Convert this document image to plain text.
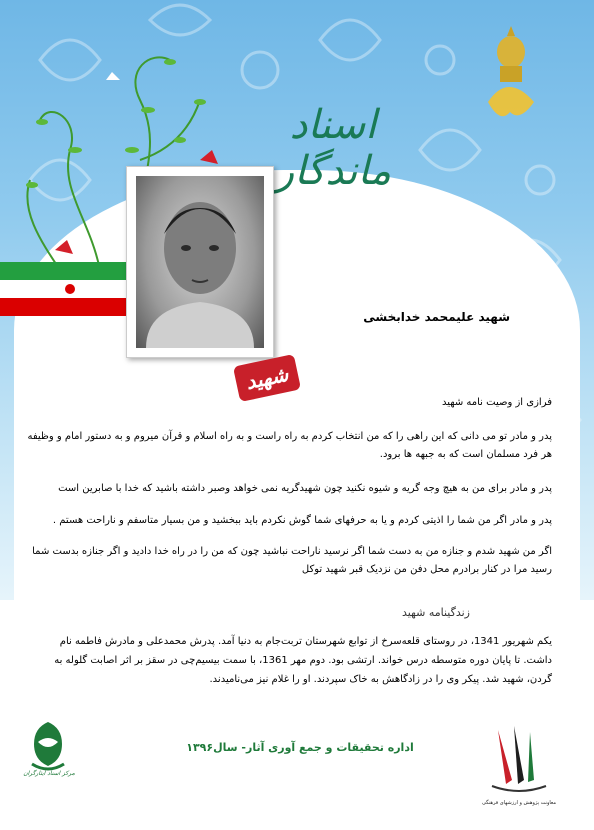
اسناد ماندگار
شهید
شهید علیمحمد خدابخشی
فرازی از وصیت نامه شهید
پدر و مادر تو می دانی که این راهی را که من انتخاب کردم به راه راست و به راه اسلام و قرآن میروم و به دستور امام و وظیفه هر فرد مسلمان است که به جبهه ها برود.
پدر و مادر برای من به هیچ وجه گریه و شیوه نکنید چون شهیدگریه نمی خواهد وصبر داشته باشید که خدا با صابرین است
پدر و مادر اگر من شما را اذیتی کردم و یا به حرفهای شما گوش نکردم باید ببخشید و من بسیار متاسفم و ناراحت هستم .
اگر من شهید شدم و جنازه من به دست شما اگر نرسید ناراحت نباشید چون که من را در راه خدا دادید و اگر جنازه بدست شما رسید مرا در کنار برادرم محل دفن من نزدیک قبر شهید توکل
زندگینامه شهید
یکم شهریور 1341، در روستای قلعه‌سرخ از توابع شهرستان تربت‌جام به دنیا آمد. پدرش محمدعلی و مادرش فاطمه نام داشت. تا پایان دوره متوسطه درس خواند. ارتشی بود. دوم مهر 1361، با سمت بیسیم‌چی در سقز بر اثر اصابت گلوله به گردن، شهید شد. پیکر وی را در زادگاهش به خاک سپردند. او را غلام نیز می‌نامیدند.
اداره تحقیقات و جمع آوری آثار- سال۱۳۹۶
مرکز اسناد ایثارگران
معاونت پژوهش و ارزشهای فرهنگی
